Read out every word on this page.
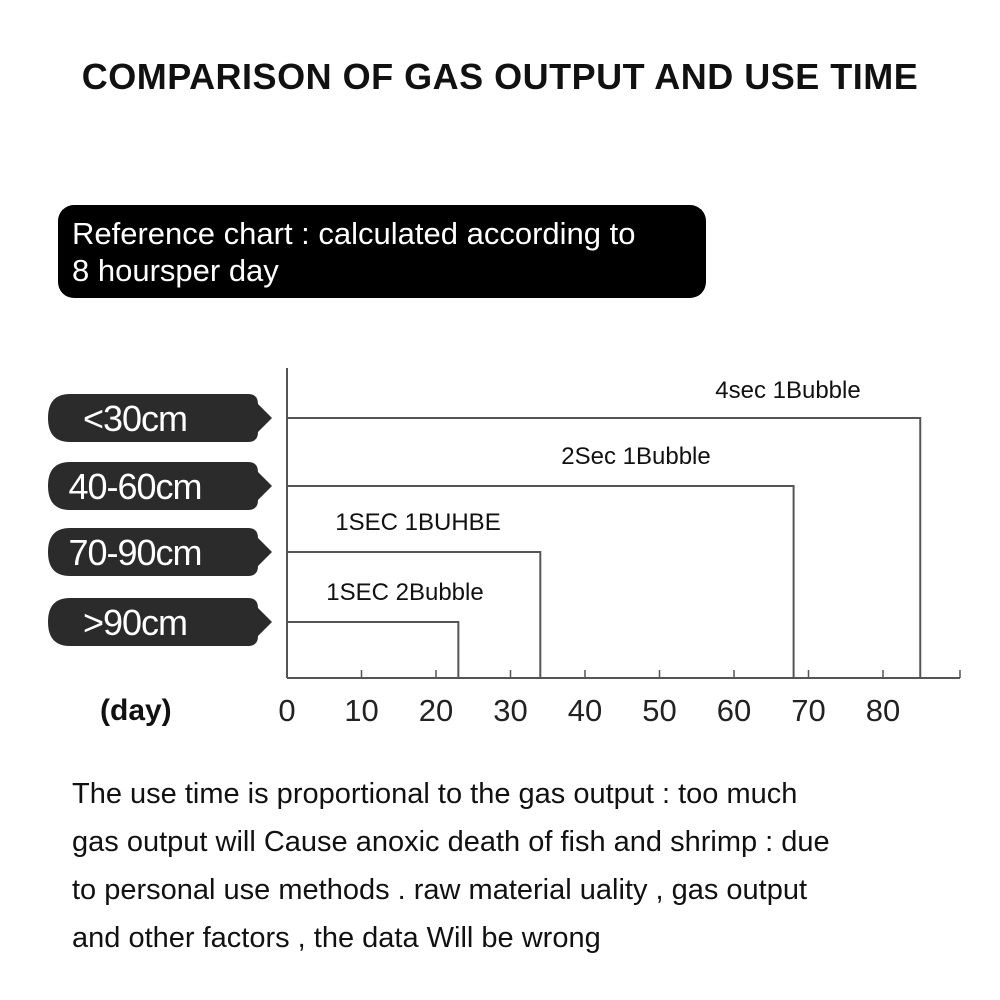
COMPARISON OF GAS OUTPUT AND USE TIME
Reference chart : calculated according to
8 hoursper day
0 10 20 30 40 50 60 70 80
(day)
<30cm
4sec 1Bubble
40-60cm
2Sec 1Bubble
70-90cm
1SEC 1BUHBE
>90cm
1SEC 2Bubble
The use time is proportional to the gas output : too much
gas output will Cause anoxic death of fish and shrimp : due
to personal use methods . raw material uality , gas output
and other factors , the data Will be wrong
